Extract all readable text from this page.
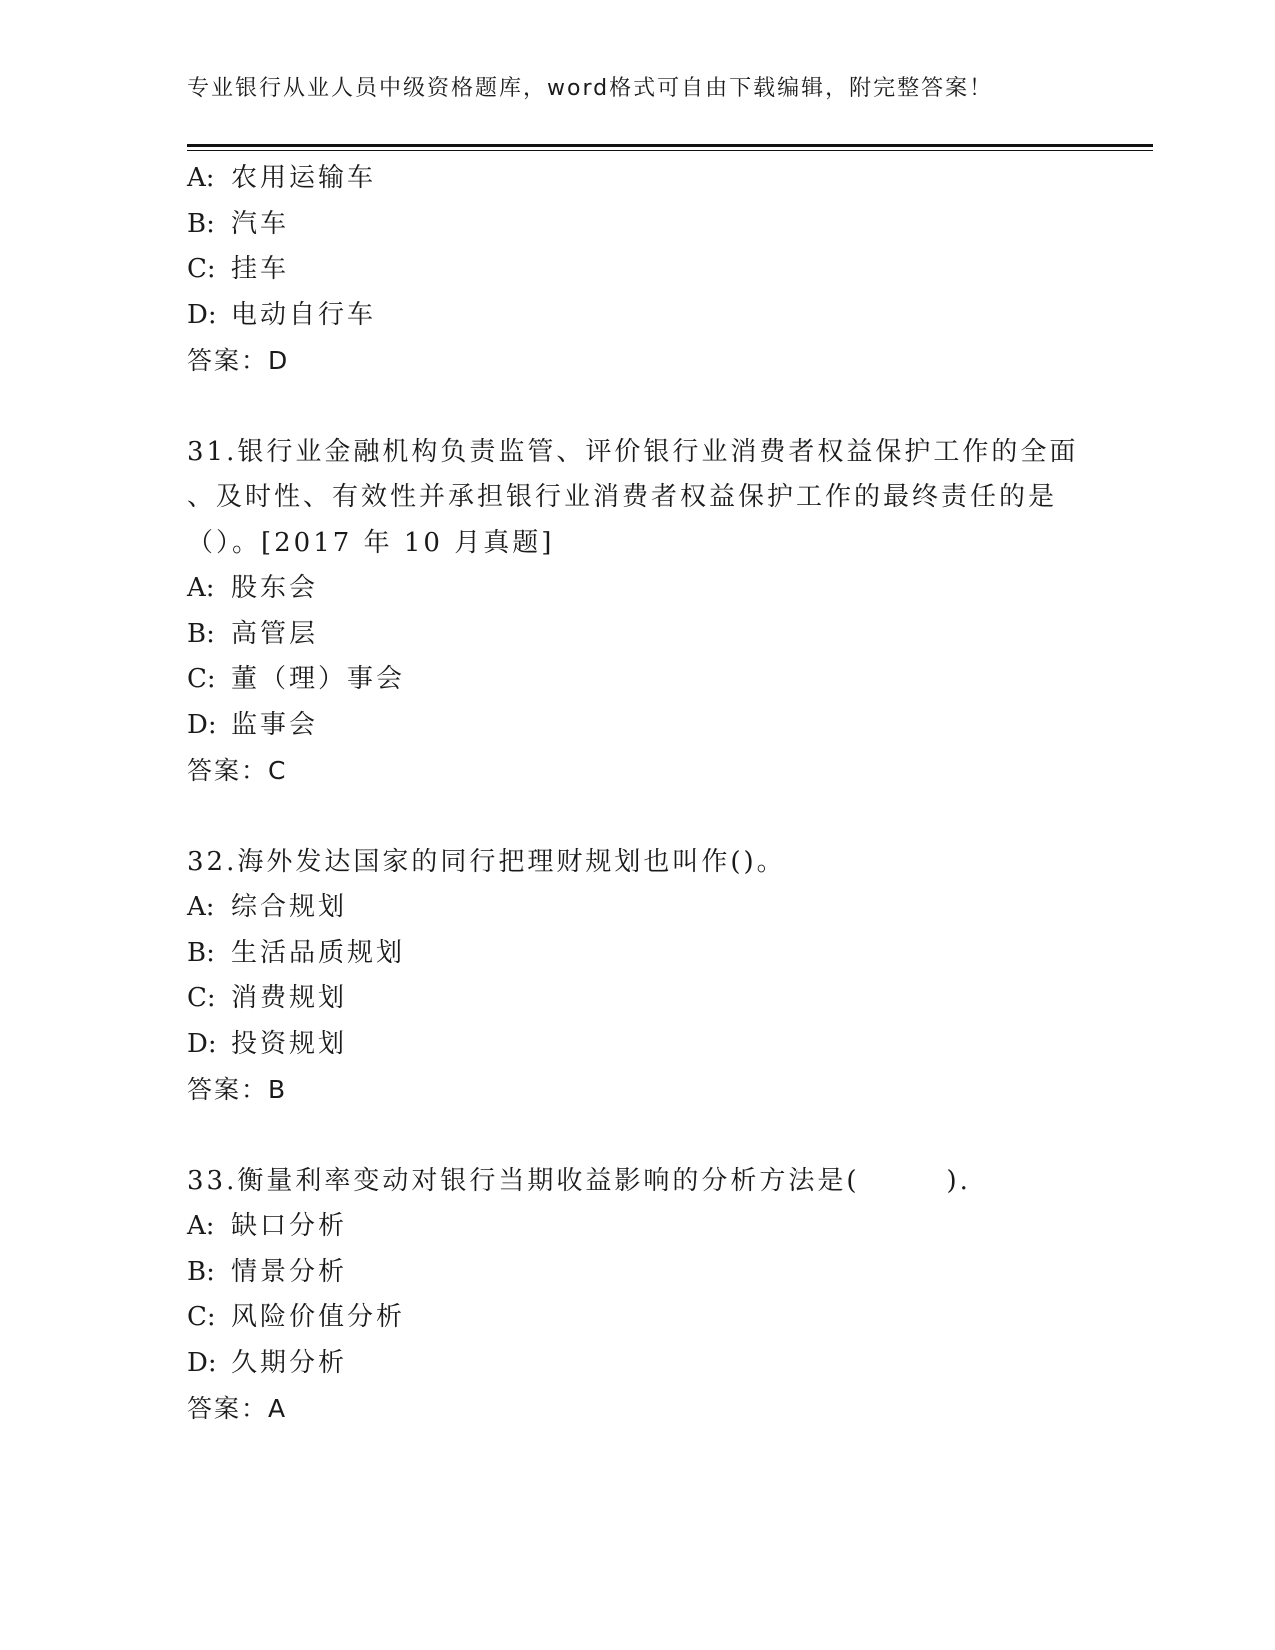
专业银行从业人员中级资格题库，word格式可自由下载编辑，附完整答案！
A: 农用运输车
B: 汽车
C: 挂车
D: 电动自行车
答案：D
31.银行业金融机构负责监管、评价银行业消费者权益保护工作的全面
、及时性、有效性并承担银行业消费者权益保护工作的最终责任的是
（）。[2017 年 10 月真题]
A: 股东会
B: 高管层
C: 董（理）事会
D: 监事会
答案：C
32.海外发达国家的同行把理财规划也叫作()。
A: 综合规划
B: 生活品质规划
C: 消费规划
D: 投资规划
答案：B
33.衡量利率变动对银行当期收益影响的分析方法是(　　　).
A: 缺口分析
B: 情景分析
C: 风险价值分析
D: 久期分析
答案：A
